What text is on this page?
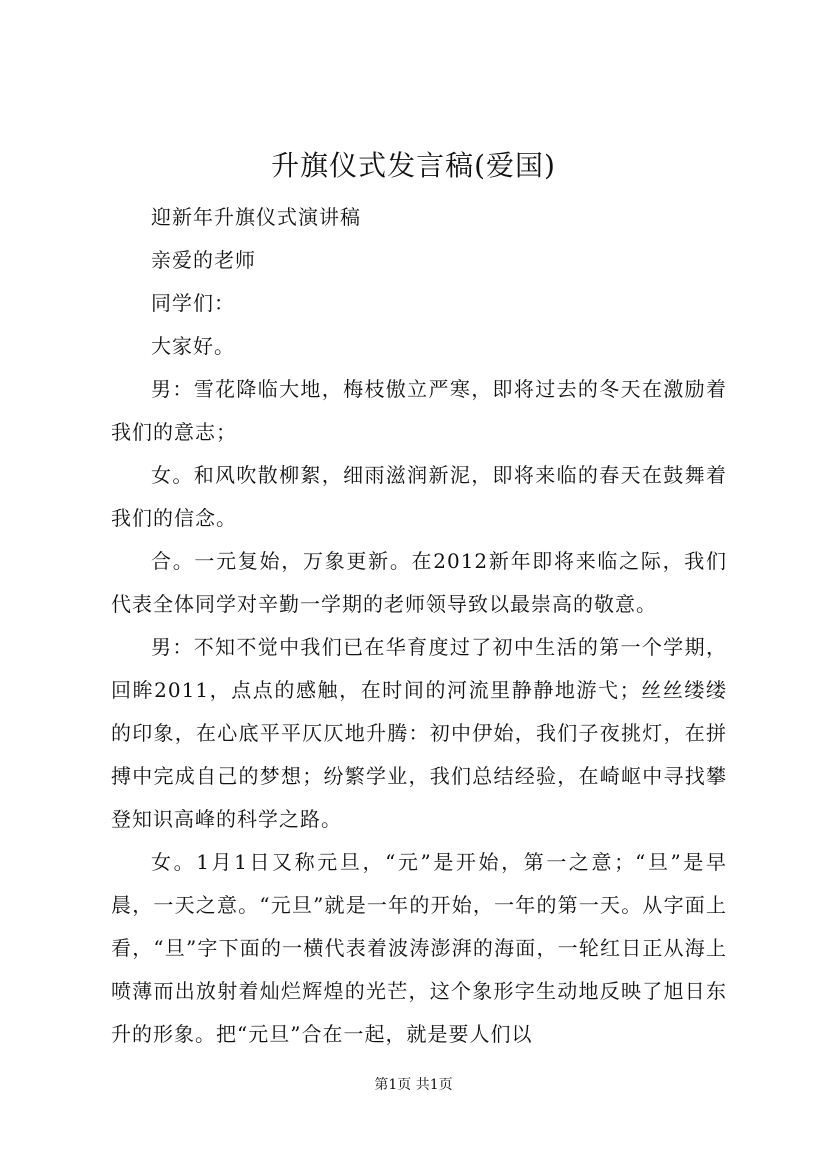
升旗仪式发言稿(爱国)

迎新年升旗仪式演讲稿

亲爱的老师

同学们：

大家好。

男：雪花降临大地，梅枝傲立严寒，即将过去的冬天在激励着我们的意志；

女。和风吹散柳絮，细雨滋润新泥，即将来临的春天在鼓舞着我们的信念。

合。一元复始，万象更新。在2012新年即将来临之际，我们代表全体同学对辛勤一学期的老师领导致以最崇高的敬意。

男：不知不觉中我们已在华育度过了初中生活的第一个学期，回眸2011，点点的感触，在时间的河流里静静地游弋；丝丝缕缕的印象，在心底平平仄仄地升腾：初中伊始，我们子夜挑灯，在拼搏中完成自己的梦想；纷繁学业，我们总结经验，在崎岖中寻找攀登知识高峰的科学之路。

女。1月1日又称元旦，“元”是开始，第一之意；“旦”是早晨，一天之意。“元旦”就是一年的开始，一年的第一天。从字面上看，“旦”字下面的一横代表着波涛澎湃的海面，一轮红日正从海上喷薄而出放射着灿烂辉煌的光芒，这个象形字生动地反映了旭日东升的形象。把“元旦”合在一起，就是要人们以

第1页 共1页
